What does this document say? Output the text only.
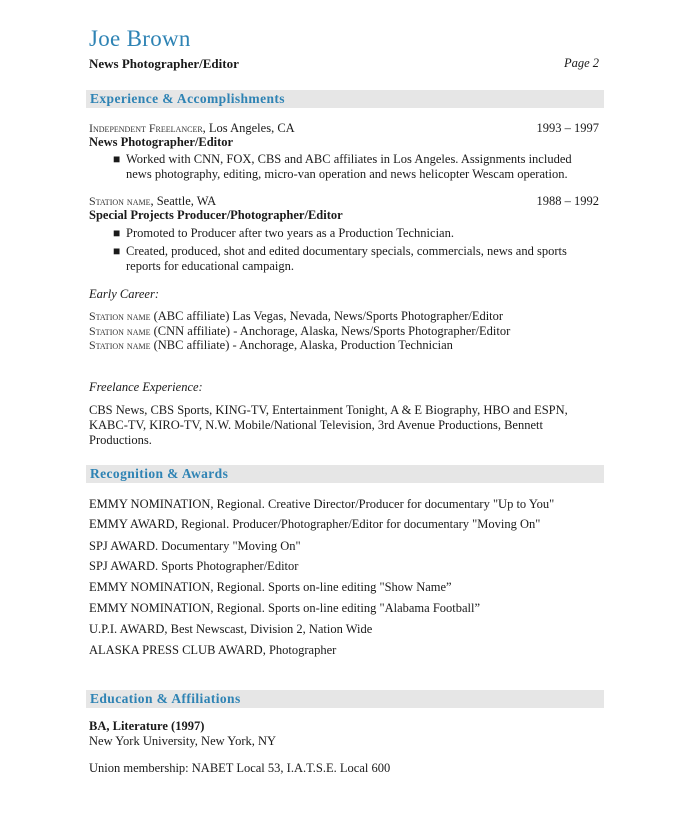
Joe Brown
News Photographer/Editor	Page 2
Experience & Accomplishments
Independent Freelancer, Los Angeles, CA	1993 – 1997
News Photographer/Editor
■ Worked with CNN, FOX, CBS and ABC affiliates in Los Angeles. Assignments included news photography, editing, micro-van operation and news helicopter Wescam operation.
Station name, Seattle, WA	1988 – 1992
Special Projects Producer/Photographer/Editor
■ Promoted to Producer after two years as a Production Technician.
■ Created, produced, shot and edited documentary specials, commercials, news and sports reports for educational campaign.
Early Career:
Station name (ABC affiliate) Las Vegas, Nevada, News/Sports Photographer/Editor
Station name (CNN affiliate) - Anchorage, Alaska, News/Sports Photographer/Editor
Station name (NBC affiliate) - Anchorage, Alaska, Production Technician
Freelance Experience:
CBS News, CBS Sports, KING-TV, Entertainment Tonight, A & E Biography, HBO and ESPN, KABC-TV, KIRO-TV, N.W. Mobile/National Television, 3rd Avenue Productions, Bennett Productions.
Recognition & Awards
EMMY NOMINATION, Regional. Creative Director/Producer for documentary "Up to You"
EMMY AWARD, Regional. Producer/Photographer/Editor for documentary "Moving On"
SPJ AWARD. Documentary "Moving On"
SPJ AWARD. Sports Photographer/Editor
EMMY NOMINATION, Regional. Sports on-line editing "Show Name”
EMMY NOMINATION, Regional. Sports on-line editing "Alabama Football”
U.P.I. AWARD, Best Newscast, Division 2, Nation Wide
ALASKA PRESS CLUB AWARD, Photographer
Education & Affiliations
BA, Literature (1997)
New York University, New York, NY
Union membership: NABET Local 53, I.A.T.S.E. Local 600
